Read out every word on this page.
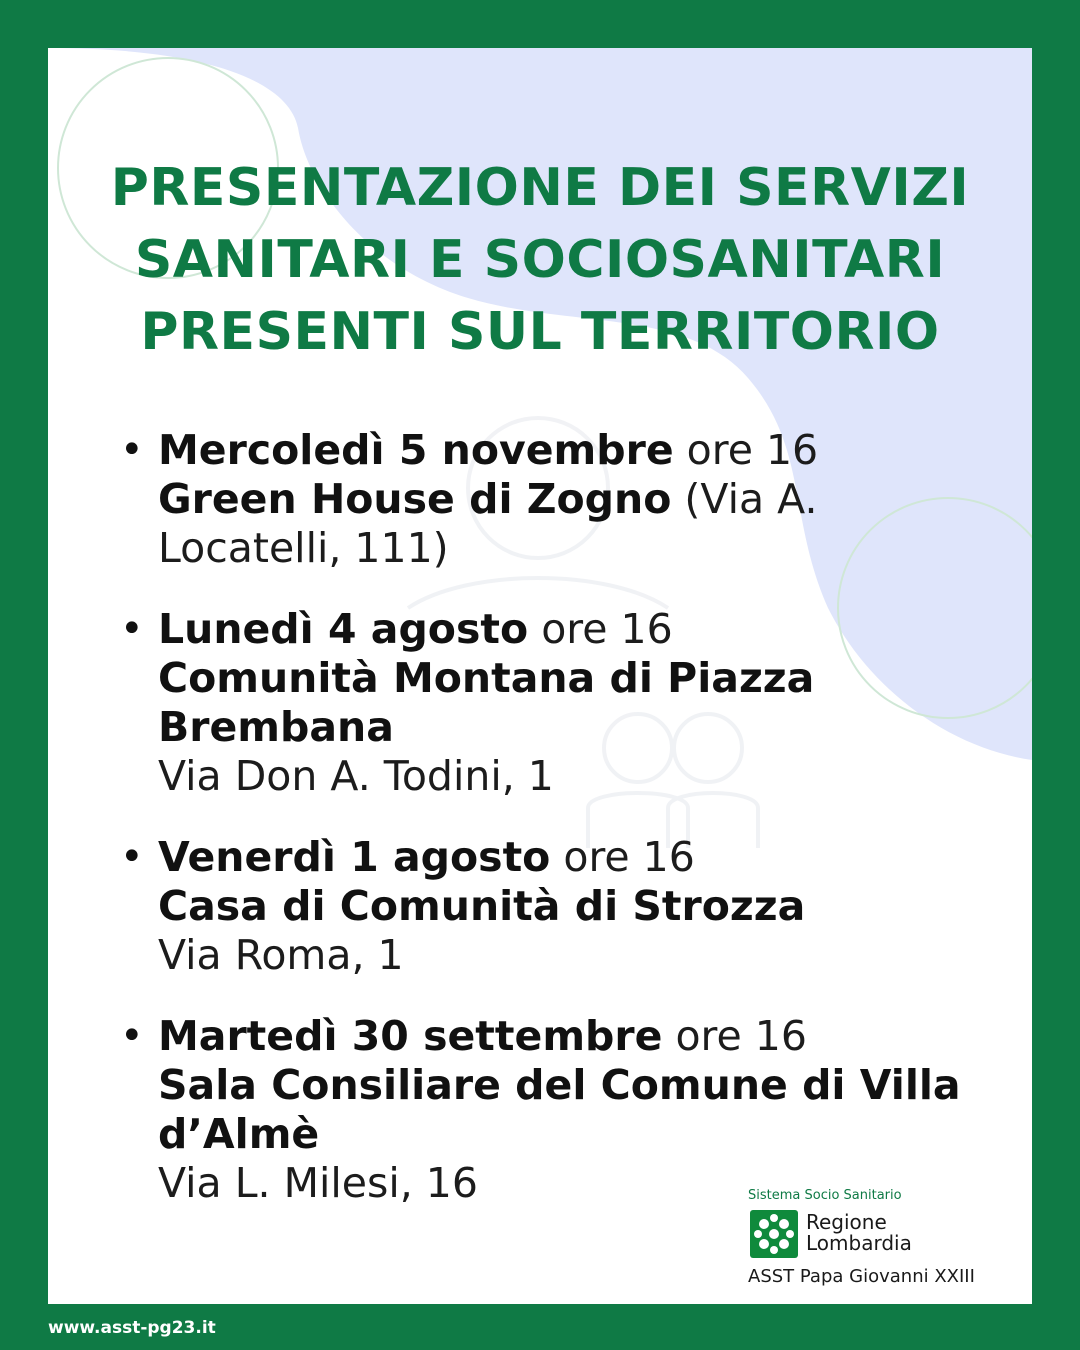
PRESENTAZIONE DEI SERVIZI
SANITARI E SOCIOSANITARI
PRESENTI SUL TERRITORIO
• Mercoledì 5 novembre ore 16
Green House di Zogno (Via A. Locatelli, 111)
• Lunedì 4 agosto ore 16
Comunità Montana di Piazza Brembana
Via Don A. Todini, 1
• Venerdì 1 agosto ore 16
Casa di Comunità di Strozza
Via Roma, 1
• Martedì 30 settembre ore 16
Sala Consiliare del Comune di Villa d’Almè
Via L. Milesi, 16	Sistema Socio Sanitario
Regione
Lombardia
ASST Papa Giovanni XXIII
www.asst-pg23.it
